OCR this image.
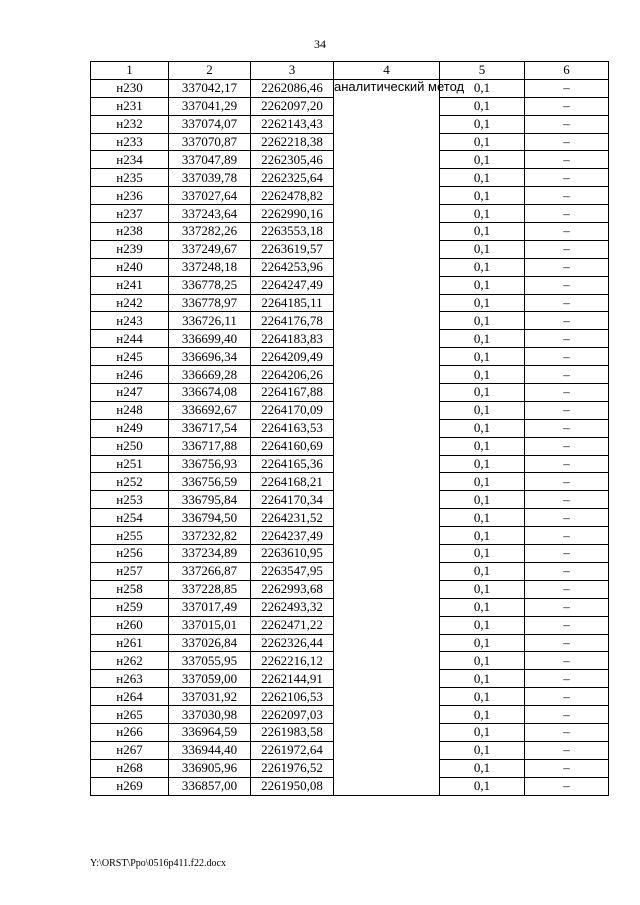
34
1	2	3	4	5	6
н230	337042,17	2262086,46	аналитический метод	0,1	–
н231	337041,29	2262097,20		0,1	–
н232	337074,07	2262143,43		0,1	–
н233	337070,87	2262218,38		0,1	–
н234	337047,89	2262305,46		0,1	–
н235	337039,78	2262325,64		0,1	–
н236	337027,64	2262478,82		0,1	–
н237	337243,64	2262990,16		0,1	–
н238	337282,26	2263553,18		0,1	–
н239	337249,67	2263619,57		0,1	–
н240	337248,18	2264253,96		0,1	–
н241	336778,25	2264247,49		0,1	–
н242	336778,97	2264185,11		0,1	–
н243	336726,11	2264176,78		0,1	–
н244	336699,40	2264183,83		0,1	–
н245	336696,34	2264209,49		0,1	–
н246	336669,28	2264206,26		0,1	–
н247	336674,08	2264167,88		0,1	–
н248	336692,67	2264170,09		0,1	–
н249	336717,54	2264163,53		0,1	–
н250	336717,88	2264160,69		0,1	–
н251	336756,93	2264165,36		0,1	–
н252	336756,59	2264168,21		0,1	–
н253	336795,84	2264170,34		0,1	–
н254	336794,50	2264231,52		0,1	–
н255	337232,82	2264237,49		0,1	–
н256	337234,89	2263610,95		0,1	–
н257	337266,87	2263547,95		0,1	–
н258	337228,85	2262993,68		0,1	–
н259	337017,49	2262493,32		0,1	–
н260	337015,01	2262471,22		0,1	–
н261	337026,84	2262326,44		0,1	–
н262	337055,95	2262216,12		0,1	–
н263	337059,00	2262144,91		0,1	–
н264	337031,92	2262106,53		0,1	–
н265	337030,98	2262097,03		0,1	–
н266	336964,59	2261983,58		0,1	–
н267	336944,40	2261972,64		0,1	–
н268	336905,96	2261976,52		0,1	–
н269	336857,00	2261950,08		0,1	–
Y:\ORST\Ppo\0516p411.f22.docx
